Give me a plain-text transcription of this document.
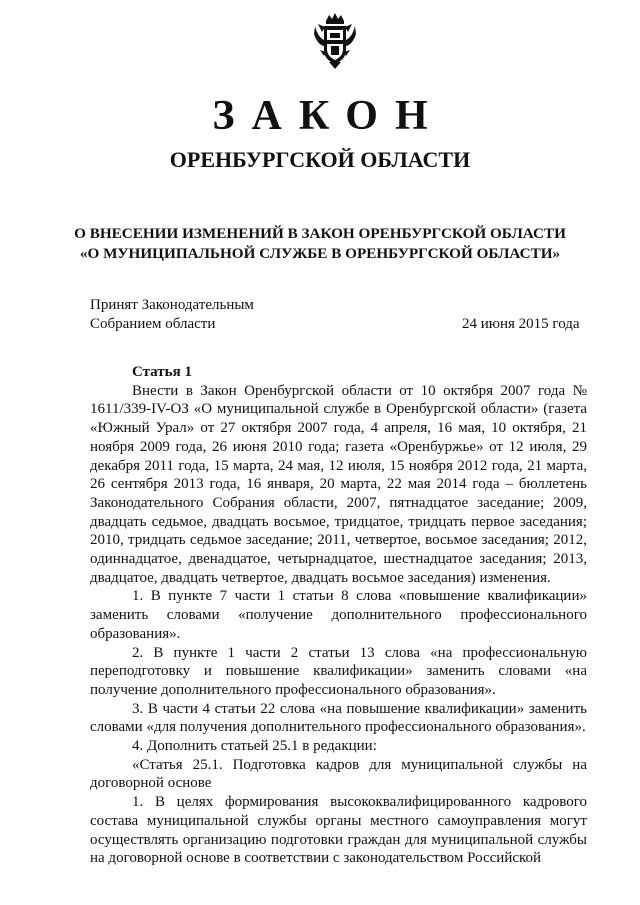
ЗАКОН
ОРЕНБУРГСКОЙ ОБЛАСТИ
О ВНЕСЕНИИ ИЗМЕНЕНИЙ В ЗАКОН ОРЕНБУРГСКОЙ ОБЛАСТИ
«О МУНИЦИПАЛЬНОЙ СЛУЖБЕ В ОРЕНБУРГСКОЙ ОБЛАСТИ»
Принят Законодательным
Собранием области	24 июня 2015 года

Статья 1

Внести в Закон Оренбургской области от 10 октября 2007 года № 1611/339-IV-ОЗ «О муниципальной службе в Оренбургской области» (газета «Южный Урал» от 27 октября 2007 года, 4 апреля, 16 мая, 10 октября, 21 ноября 2009 года, 26 июня 2010 года; газета «Оренбуржье» от 12 июля, 29 декабря 2011 года, 15 марта, 24 мая, 12 июля, 15 ноября 2012 года, 21 марта, 26 сентября 2013 года, 16 января, 20 марта, 22 мая 2014 года – бюллетень Законодательного Собрания области, 2007, пятнадцатое заседание; 2009, двадцать седьмое, двадцать восьмое, тридцатое, тридцать первое заседания; 2010, тридцать седьмое заседание; 2011, четвертое, восьмое заседания; 2012, одиннадцатое, двенадцатое, четырнадцатое, шестнадцатое заседания; 2013, двадцатое, двадцать четвертое, двадцать восьмое заседания) изменения.

1. В пункте 7 части 1 статьи 8 слова «повышение квалификации» заменить словами «получение дополнительного профессионального образования».

2. В пункте 1 части 2 статьи 13 слова «на профессиональную переподготовку и повышение квалификации» заменить словами «на получение дополнительного профессионального образования».

3. В части 4 статьи 22 слова «на повышение квалификации» заменить словами «для получения дополнительного профессионального образования».

4. Дополнить статьей 25.1 в редакции:

«Статья 25.1. Подготовка кадров для муниципальной службы на договорной основе

1. В целях формирования высококвалифицированного кадрового состава муниципальной службы органы местного самоуправления могут осуществлять организацию подготовки граждан для муниципальной службы на договорной основе в соответствии с законодательством Российской
